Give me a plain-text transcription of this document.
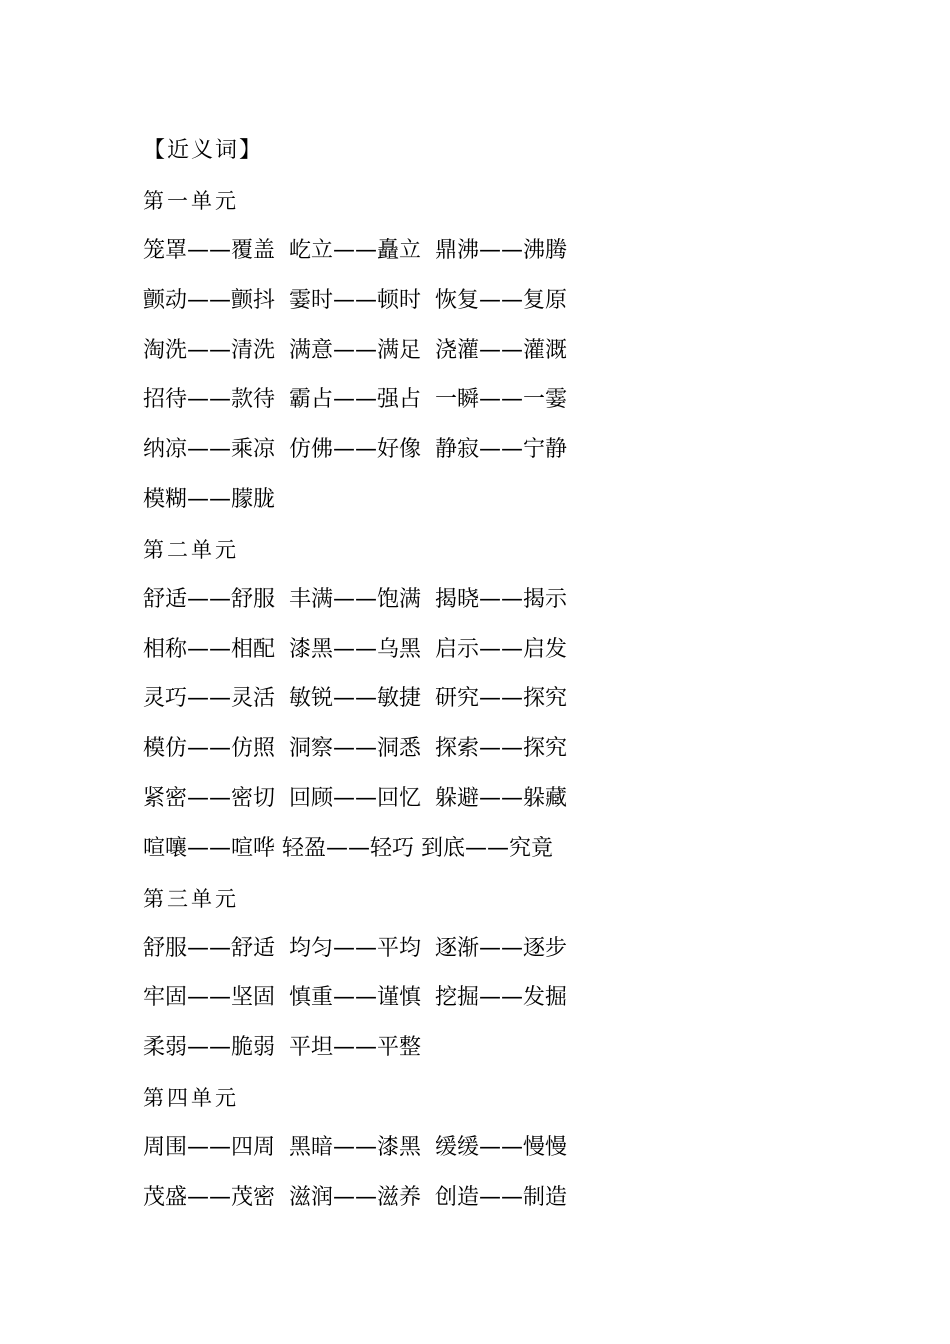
【近义词】
第一单元
笼罩——覆盖  屹立——矗立  鼎沸——沸腾
颤动——颤抖  霎时——顿时  恢复——复原
淘洗——清洗  满意——满足  浇灌——灌溉
招待——款待  霸占——强占  一瞬——一霎
纳凉——乘凉  仿佛——好像  静寂——宁静
模糊——朦胧
第二单元
舒适——舒服  丰满——饱满  揭晓——揭示
相称——相配  漆黑——乌黑  启示——启发
灵巧——灵活  敏锐——敏捷  研究——探究
模仿——仿照  洞察——洞悉  探索——探究
紧密——密切  回顾——回忆  躲避——躲藏
喧嚷——喧哗 轻盈——轻巧 到底——究竟
第三单元
舒服——舒适  均匀——平均  逐渐——逐步
牢固——坚固  慎重——谨慎  挖掘——发掘
柔弱——脆弱  平坦——平整
第四单元
周围——四周  黑暗——漆黑  缓缓——慢慢
茂盛——茂密  滋润——滋养  创造——制造
